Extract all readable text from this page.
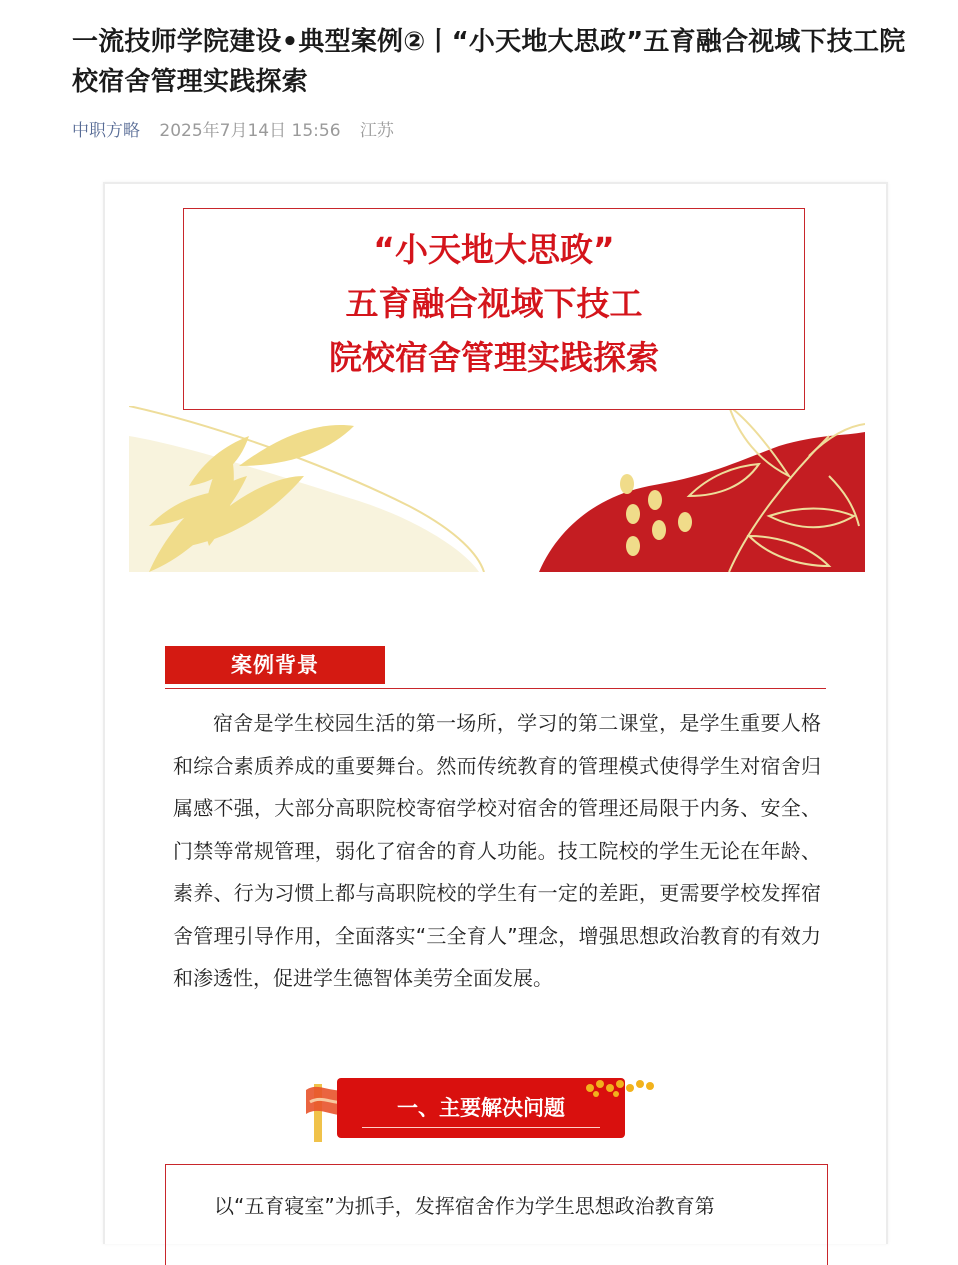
一流技师学院建设•典型案例②丨“小天地大思政”五育融合视域下技工院校宿舍管理实践探索
中职方略 2025年7月14日 15:56 江苏
“小天地大思政”
五育融合视域下技工
院校宿舍管理实践探索
案例背景

宿舍是学生校园生活的第一场所，学习的第二课堂，是学生重要人格和综合素质养成的重要舞台。然而传统教育的管理模式使得学生对宿舍归属感不强，大部分高职院校寄宿学校对宿舍的管理还局限于内务、安全、门禁等常规管理，弱化了宿舍的育人功能。技工院校的学生无论在年龄、素养、行为习惯上都与高职院校的学生有一定的差距，更需要学校发挥宿舍管理引导作用，全面落实“三全育人”理念，增强思想政治教育的有效力和渗透性，促进学生德智体美劳全面发展。

一、主要解决问题

以“五育寝室”为抓手，发挥宿舍作为学生思想政治教育第
